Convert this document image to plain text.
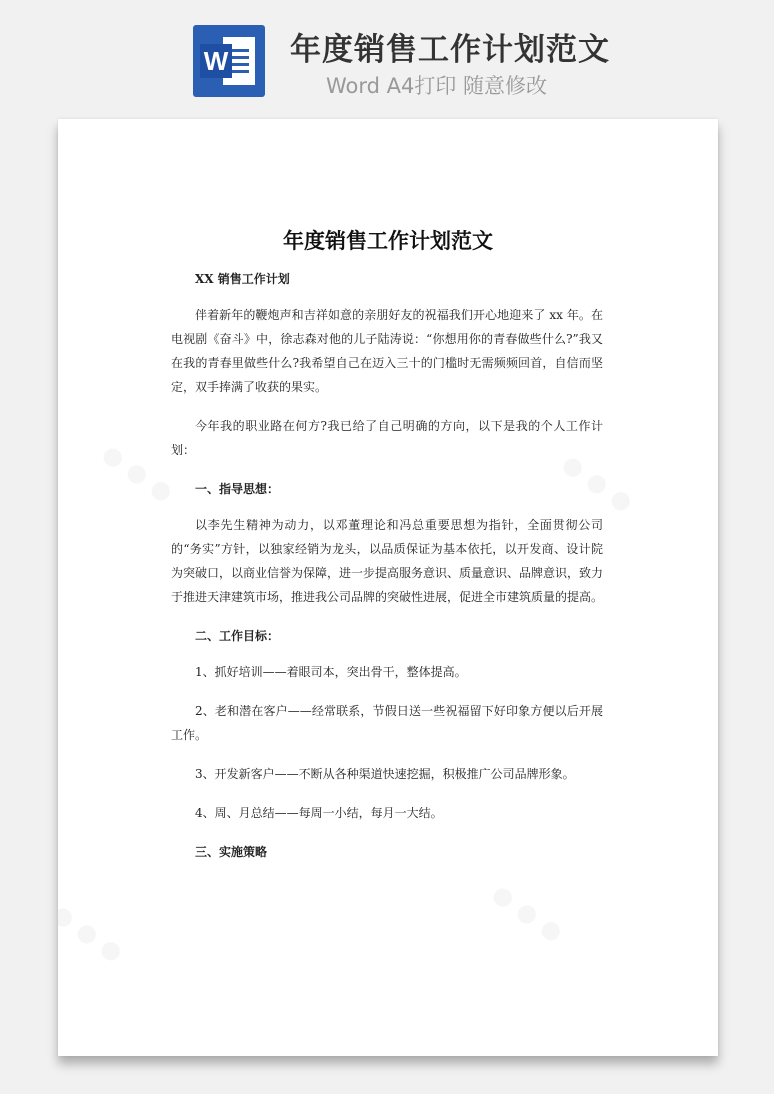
W 年度销售工作计划范文
Word A4打印 随意修改
年度销售工作计划范文

XX 销售工作计划

伴着新年的鞭炮声和吉祥如意的亲朋好友的祝福我们开心地迎来了 xx 年。在电视剧《奋斗》中，徐志森对他的儿子陆涛说：“你想用你的青春做些什么?”我又在我的青春里做些什么?我希望自己在迈入三十的门槛时无需频频回首，自信而坚定，双手捧满了收获的果实。

今年我的职业路在何方?我已给了自己明确的方向，以下是我的个人工作计划：

一、指导思想：

以李先生精神为动力，以邓董理论和冯总重要思想为指针，全面贯彻公司的“务实”方针，以独家经销为龙头，以品质保证为基本依托，以开发商、设计院为突破口，以商业信誉为保障，进一步提高服务意识、质量意识、品牌意识，致力于推进天津建筑市场，推进我公司品牌的突破性进展，促进全市建筑质量的提高。

二、工作目标：

1、抓好培训——着眼司本，突出骨干，整体提高。

2、老和潜在客户——经常联系，节假日送一些祝福留下好印象方便以后开展工作。

3、开发新客户——不断从各种渠道快速挖掘，积极推广公司品牌形象。

4、周、月总结——每周一小结，每月一大结。

三、实施策略
